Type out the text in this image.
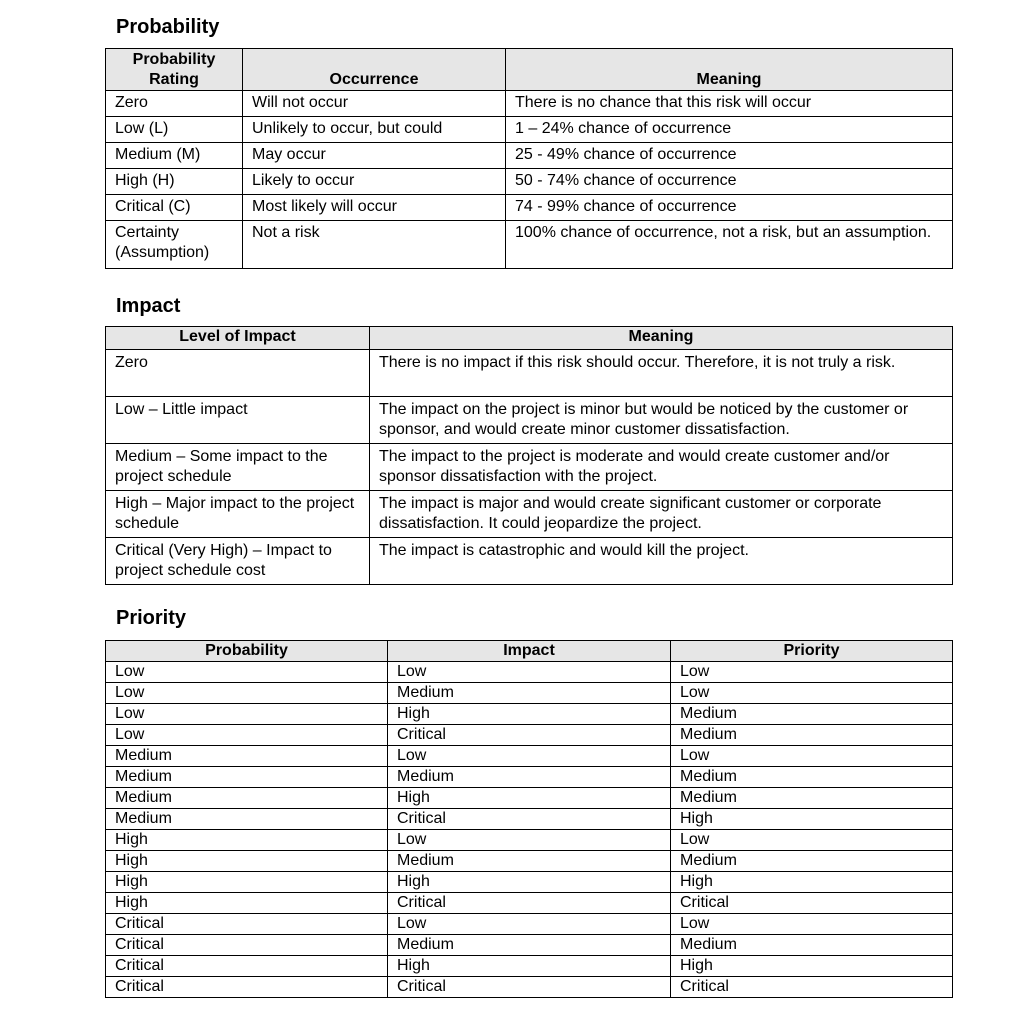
Probability
Probability Rating	Occurrence	Meaning
Zero	Will not occur	There is no chance that this risk will occur
Low (L)	Unlikely to occur, but could	1 – 24% chance of occurrence
Medium (M)	May occur	25 - 49% chance of occurrence
High (H)	Likely to occur	50 - 74% chance of occurrence
Critical (C)	Most likely will occur	74 - 99% chance of occurrence
Certainty (Assumption)	Not a risk	100% chance of occurrence, not a risk, but an assumption.
Impact
Level of Impact	Meaning
Zero	There is no impact if this risk should occur. Therefore, it is not truly a risk.
Low – Little impact	The impact on the project is minor but would be noticed by the customer or sponsor, and would create minor customer dissatisfaction.
Medium – Some impact to the project schedule	The impact to the project is moderate and would create customer and/or sponsor dissatisfaction with the project.
High – Major impact to the project schedule	The impact is major and would create significant customer or corporate dissatisfaction. It could jeopardize the project.
Critical (Very High) – Impact to project schedule cost	The impact is catastrophic and would kill the project.
Priority
Probability	Impact	Priority
Low	Low	Low
Low	Medium	Low
Low	High	Medium
Low	Critical	Medium
Medium	Low	Low
Medium	Medium	Medium
Medium	High	Medium
Medium	Critical	High
High	Low	Low
High	Medium	Medium
High	High	High
High	Critical	Critical
Critical	Low	Low
Critical	Medium	Medium
Critical	High	High
Critical	Critical	Critical
